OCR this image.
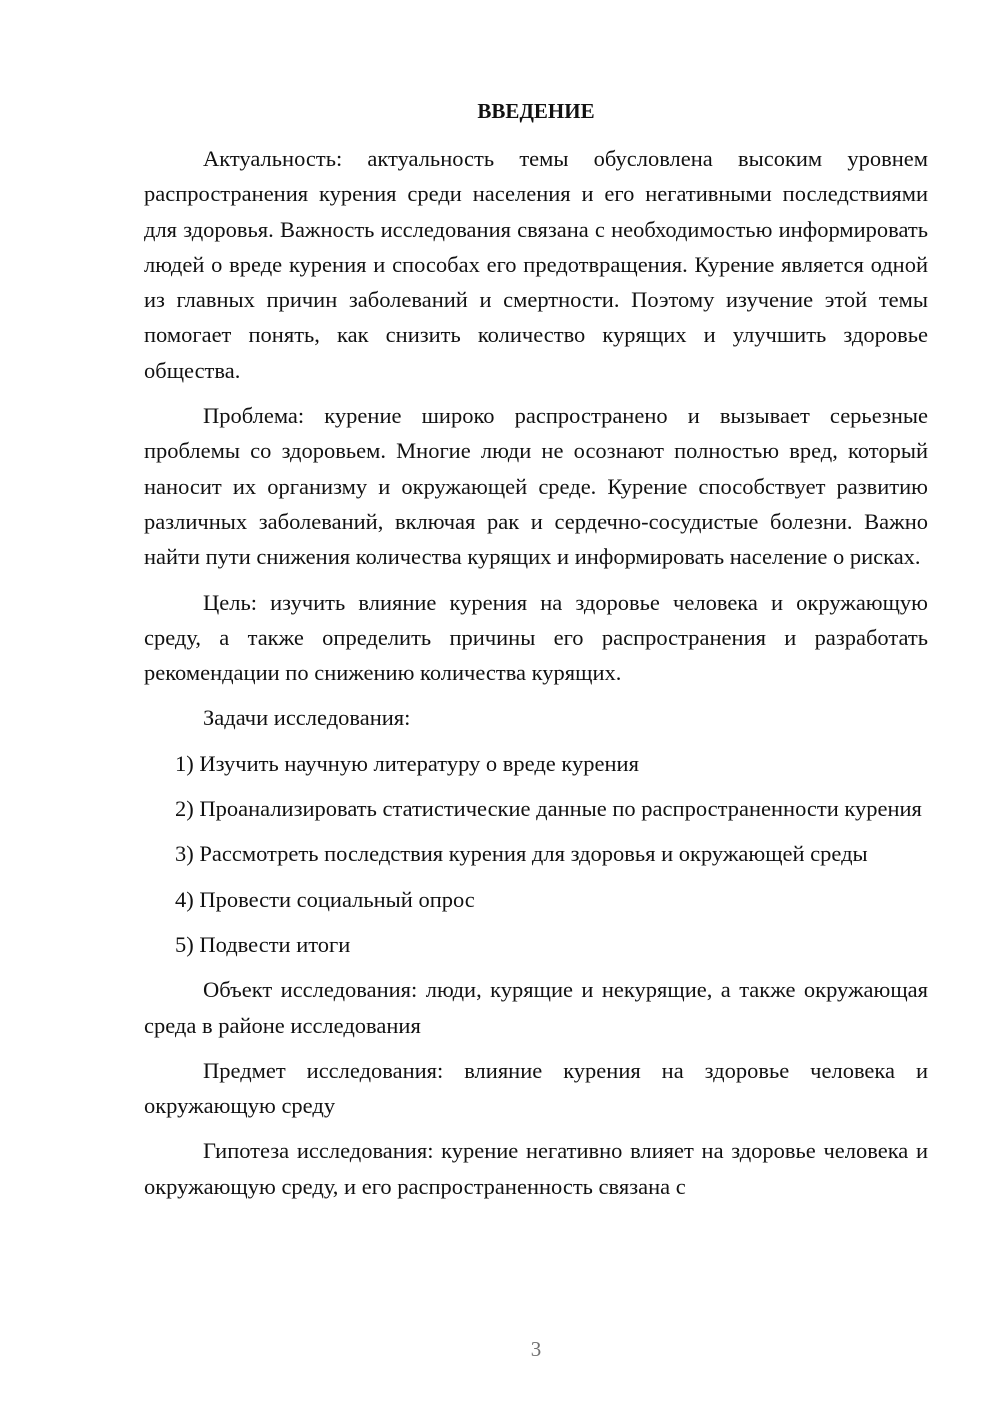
ВВЕДЕНИЕ

Актуальность: актуальность темы обусловлена высоким уровнем распространения курения среди населения и его негативными последствиями для здоровья. Важность исследования связана с необходимостью информировать людей о вреде курения и способах его предотвращения. Курение является одной из главных причин заболеваний и смертности. Поэтому изучение этой темы помогает понять, как снизить количество курящих и улучшить здоровье общества.

Проблема: курение широко распространено и вызывает серьезные проблемы со здоровьем. Многие люди не осознают полностью вред, который наносит их организму и окружающей среде. Курение способствует развитию различных заболеваний, включая рак и сердечно-сосудистые болезни. Важно найти пути снижения количества курящих и информировать население о рисках.

Цель: изучить влияние курения на здоровье человека и окружающую среду, а также определить причины его распространения и разработать рекомендации по снижению количества курящих.

Задачи исследования:

1) Изучить научную литературу о вреде курения

2) Проанализировать статистические данные по распространенности курения

3) Рассмотреть последствия курения для здоровья и окружающей среды

4) Провести социальный опрос

5) Подвести итоги

Объект исследования: люди, курящие и некурящие, а также окружающая среда в районе исследования

Предмет исследования: влияние курения на здоровье человека и окружающую среду

Гипотеза исследования: курение негативно влияет на здоровье человека и окружающую среду, и его распространенность связана с

3
